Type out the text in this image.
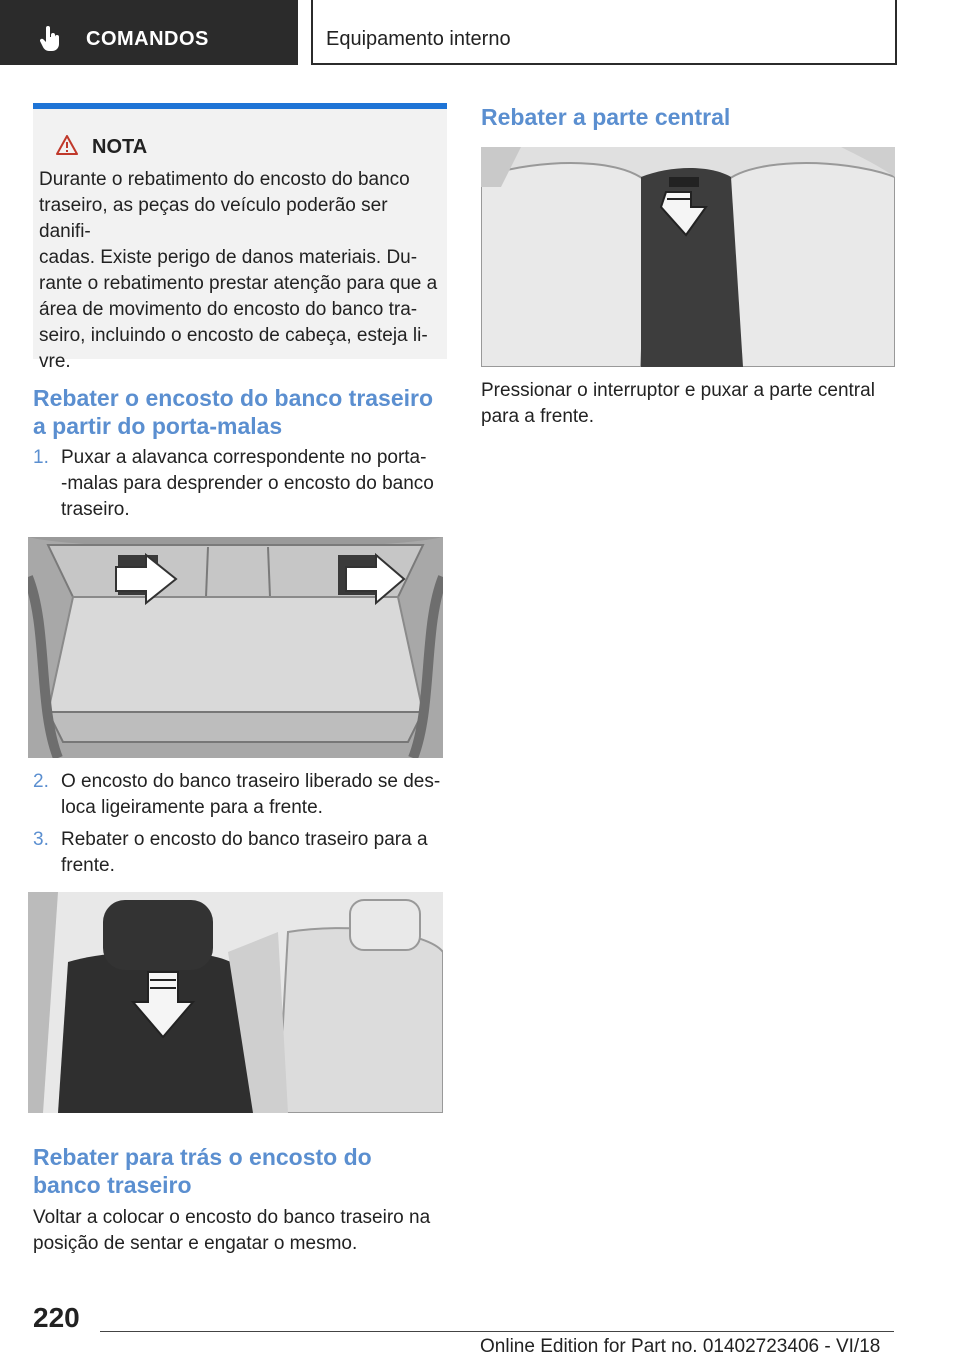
COMANDOS	Equipamento interno
NOTA
Durante o rebatimento do encosto do banco
traseiro, as peças do veículo poderão ser danifi-
cadas. Existe perigo de danos materiais. Du-
rante o rebatimento prestar atenção para que a
área de movimento do encosto do banco tra-
seiro, incluindo o encosto de cabeça, esteja li-
vre.
Rebater o encosto do banco traseiro
a partir do porta-malas
1. Puxar a alavanca correspondente no porta-
-malas para desprender o encosto do banco
traseiro.
2. O encosto do banco traseiro liberado se des-
loca ligeiramente para a frente.
3. Rebater o encosto do banco traseiro para a
frente.
Rebater para trás o encosto do
banco traseiro
Voltar a colocar o encosto do banco traseiro na
posição de sentar e engatar o mesmo.
Rebater a parte central
Pressionar o interruptor e puxar a parte central
para a frente.
220
Online Edition for Part no. 01402723406 - VI/18
